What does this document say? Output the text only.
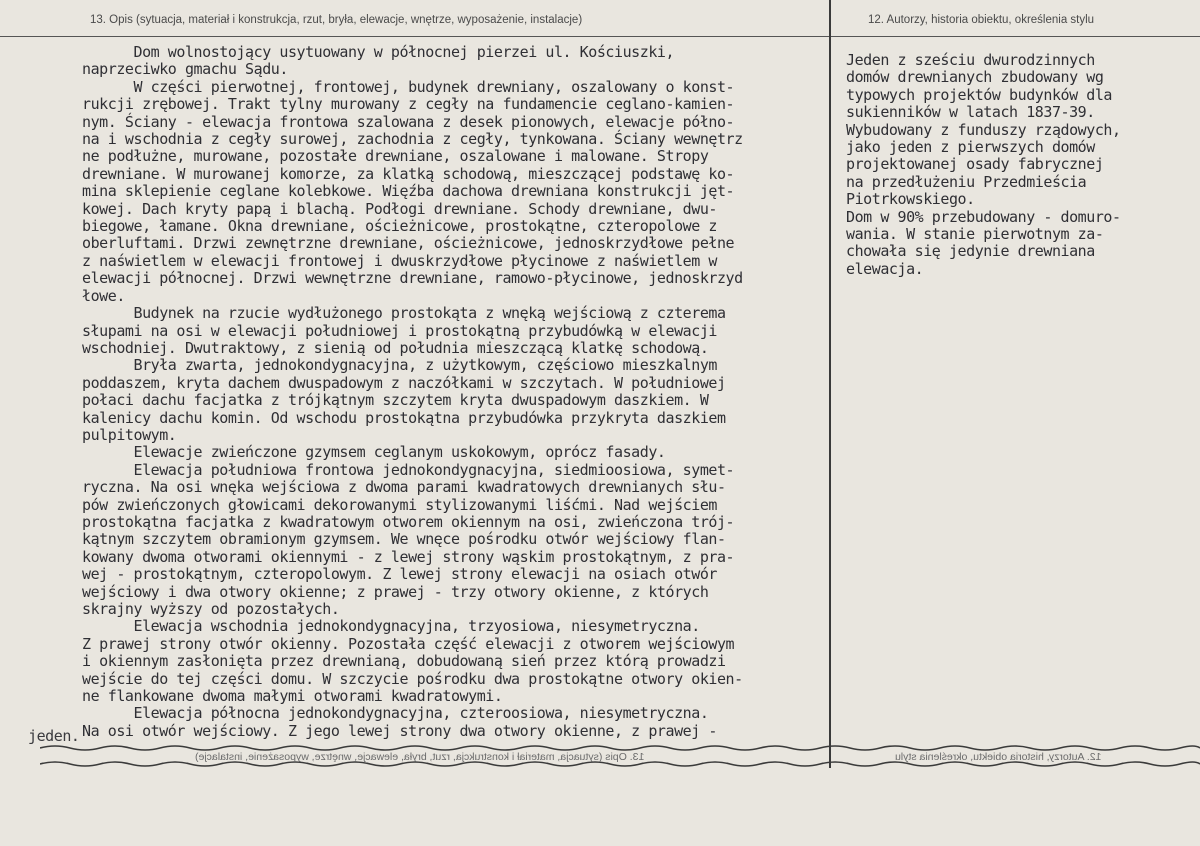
13. Opis (sytuacja, materiał i konstrukcja, rzut, bryła, elewacje, wnętrze, wyposażenie, instalacje)	12. Autorzy, historia obiektu, określenia stylu

Dom wolnostojący usytuowany w północnej pierzei ul. Kościuszki,

naprzeciwko gmachu Sądu.

W części pierwotnej, frontowej, budynek drewniany, oszalowany o konst-

rukcji zrębowej. Trakt tylny murowany z cegły na fundamencie ceglano-kamien-

nym. Ściany - elewacja frontowa szalowana z desek pionowych, elewacje półno-

na i wschodnia z cegły surowej, zachodnia z cegły, tynkowana. Ściany wewnętrz

ne podłużne, murowane, pozostałe drewniane, oszalowane i malowane. Stropy

drewniane. W murowanej komorze, za klatką schodową, mieszczącej podstawę ko-

mina sklepienie ceglane kolebkowe. Więźba dachowa drewniana konstrukcji jęt-

kowej. Dach kryty papą i blachą. Podłogi drewniane. Schody drewniane, dwu-

biegowe, łamane. Okna drewniane, ościeżnicowe, prostokątne, czteropolowe z

oberluftami. Drzwi zewnętrzne drewniane, ościeżnicowe, jednoskrzydłowe pełne

z naświetlem w elewacji frontowej i dwuskrzydłowe płycinowe z naświetlem w

elewacji północnej. Drzwi wewnętrzne drewniane, ramowo-płycinowe, jednoskrzyd

łowe.

Budynek na rzucie wydłużonego prostokąta z wnęką wejściową z czterema

słupami na osi w elewacji południowej i prostokątną przybudówką w elewacji

wschodniej. Dwutraktowy, z sienią od południa mieszczącą klatkę schodową.

Bryła zwarta, jednokondygnacyjna, z użytkowym, częściowo mieszkalnym

poddaszem, kryta dachem dwuspadowym z naczółkami w szczytach. W południowej

połaci dachu facjatka z trójkątnym szczytem kryta dwuspadowym daszkiem. W

kalenicy dachu komin. Od wschodu prostokątna przybudówka przykryta daszkiem

pulpitowym.

Elewacje zwieńczone gzymsem ceglanym uskokowym, oprócz fasady.

Elewacja południowa frontowa jednokondygnacyjna, siedmioosiowa, symet-

ryczna. Na osi wnęka wejściowa z dwoma parami kwadratowych drewnianych słu-

pów zwieńczonych głowicami dekorowanymi stylizowanymi liśćmi. Nad wejściem

prostokątna facjatka z kwadratowym otworem okiennym na osi, zwieńczona trój-

kątnym szczytem obramionym gzymsem. We wnęce pośrodku otwór wejściowy flan-

kowany dwoma otworami okiennymi - z lewej strony wąskim prostokątnym, z pra-

wej - prostokątnym, czteropolowym. Z lewej strony elewacji na osiach otwór

wejściowy i dwa otwory okienne; z prawej - trzy otwory okienne, z których

skrajny wyższy od pozostałych.

Elewacja wschodnia jednokondygnacyjna, trzyosiowa, niesymetryczna.

Z prawej strony otwór okienny. Pozostała część elewacji z otworem wejściowym

i okiennym zasłonięta przez drewnianą, dobudowaną sień przez którą prowadzi

wejście do tej części domu. W szczycie pośrodku dwa prostokątne otwory okien-

ne flankowane dwoma małymi otworami kwadratowymi.

Elewacja północna jednokondygnacyjna, czteroosiowa, niesymetryczna.

Na osi otwór wejściowy. Z jego lewej strony dwa otwory okienne, z prawej -

jeden.

Jeden z sześciu dwurodzinnych

domów drewnianych zbudowany wg

typowych projektów budynków dla

sukienników w latach 1837-39.

Wybudowany z funduszy rządowych,

jako jeden z pierwszych domów

projektowanej osady fabrycznej

na przedłużeniu Przedmieścia

Piotrkowskiego.

Dom w 90% przebudowany - domuro-

wania. W stanie pierwotnym za-

chowała się jedynie drewniana

elewacja.

13. Opis (sytuacja, materiał i konstrukcja, rzut, bryła, elewacje, wnętrze, wyposażenie, instalacje)	12. Autorzy, historia obiektu, określenia stylu
